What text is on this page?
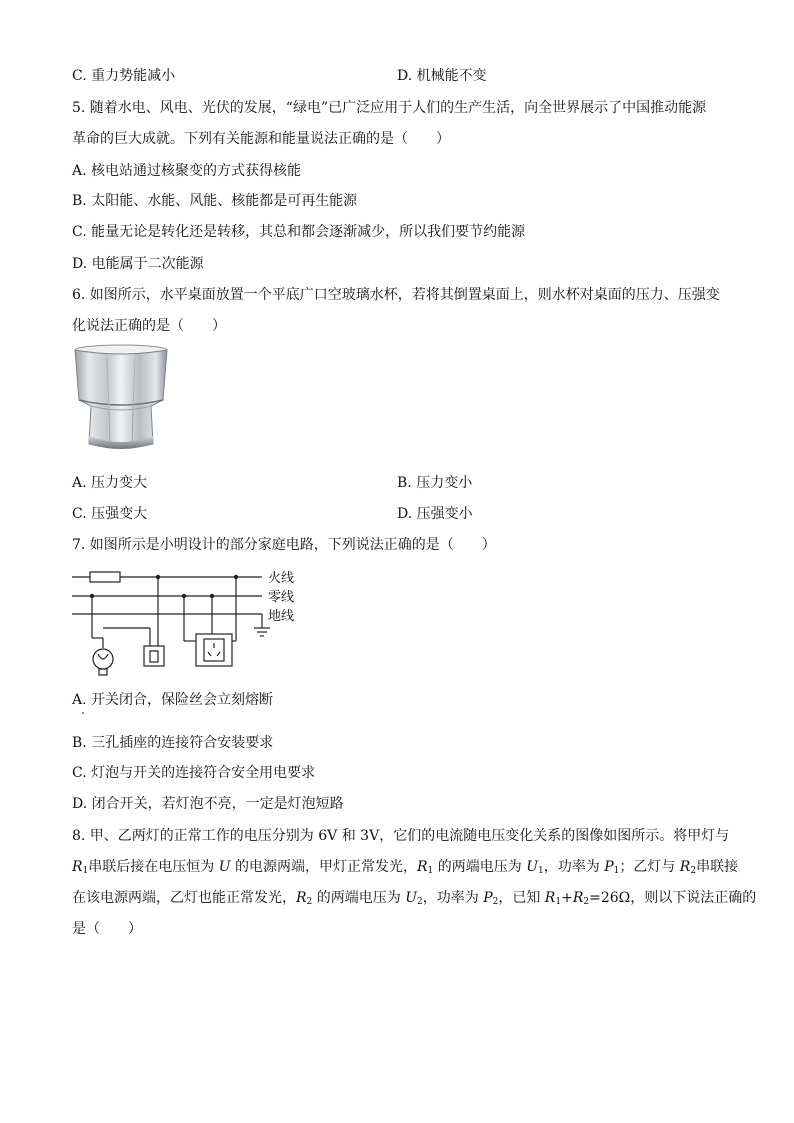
C. 重力势能减小	D. 机械能不变
5. 随着水电、风电、光伏的发展，“绿电”已广泛应用于人们的生产生活，向全世界展示了中国推动能源
革命的巨大成就。下列有关能源和能量说法正确的是（　　）
A. 核电站通过核聚变的方式获得核能
B. 太阳能、水能、风能、核能都是可再生能源
C. 能量无论是转化还是转移，其总和都会逐渐减少，所以我们要节约能源
D. 电能属于二次能源
6. 如图所示，水平桌面放置一个平底广口空玻璃水杯，若将其倒置桌面上，则水杯对桌面的压力、压强变
化说法正确的是（　　）
A. 压力变大	B. 压力变小
C. 压强变大	D. 压强变小
7. 如图所示是小明设计的部分家庭电路，下列说法正确的是（　　）
火线
零线
地线
A. 开关闭合，保险丝会立刻熔断
B. 三孔插座的连接符合安装要求
C. 灯泡与开关的连接符合安全用电要求
D. 闭合开关，若灯泡不亮，一定是灯泡短路
8. 甲、乙两灯的正常工作的电压分别为 6V 和 3V，它们的电流随电压变化关系的图像如图所示。将甲灯与
$R_1$串联后接在电压恒为 U 的电源两端，甲灯正常发光，$R_1$ 的两端电压为 $U_1$，功率为 $P_1$；乙灯与 $R_2$串联接
在该电源两端，乙灯也能正常发光，$R_2$ 的两端电压为 $U_2$，功率为 $P_2$，已知 $R_1+R_2=26\Omega$，则以下说法正确的
是（　　）
